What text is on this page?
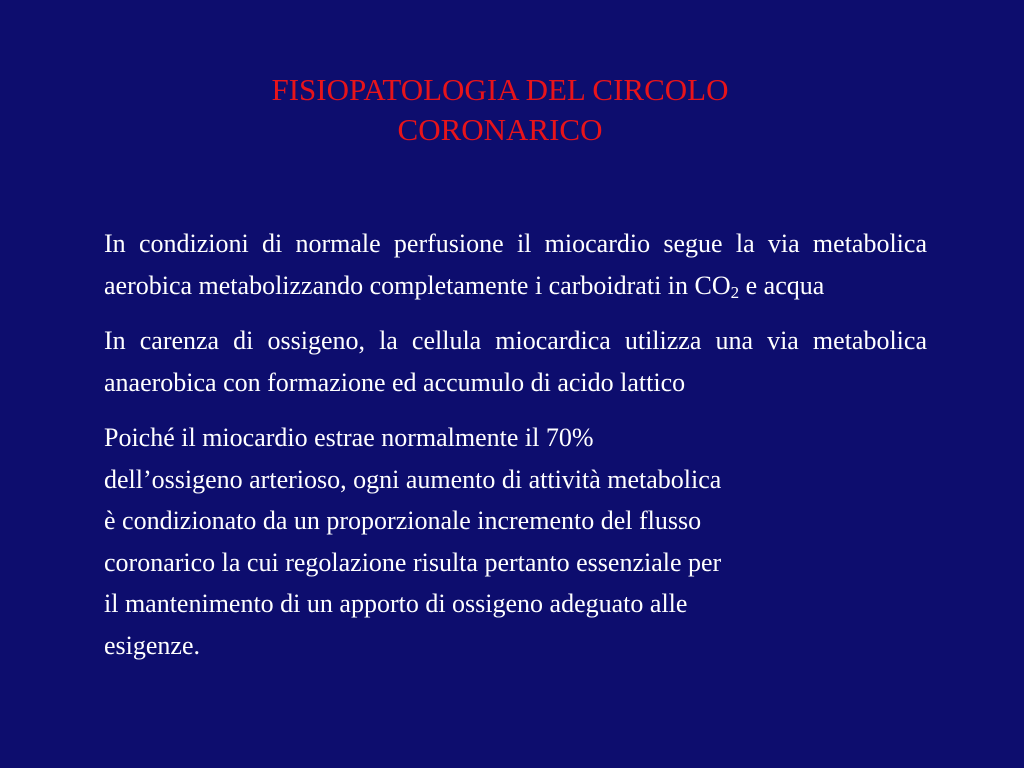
FISIOPATOLOGIA DEL CIRCOLO
CORONARICO

In condizioni di normale perfusione il miocardio segue la via metabolica aerobica metabolizzando completamente i carboidrati in $CO_2$ e acqua

In carenza di ossigeno, la cellula miocardica utilizza una via metabolica anaerobica con formazione ed accumulo di acido lattico

Poiché il miocardio estrae normalmente il 70%
dell’ossigeno arterioso, ogni aumento di attività metabolica
è condizionato da un proporzionale incremento del flusso
coronarico la cui regolazione risulta pertanto essenziale per
il mantenimento di un apporto di ossigeno adeguato alle
esigenze.
